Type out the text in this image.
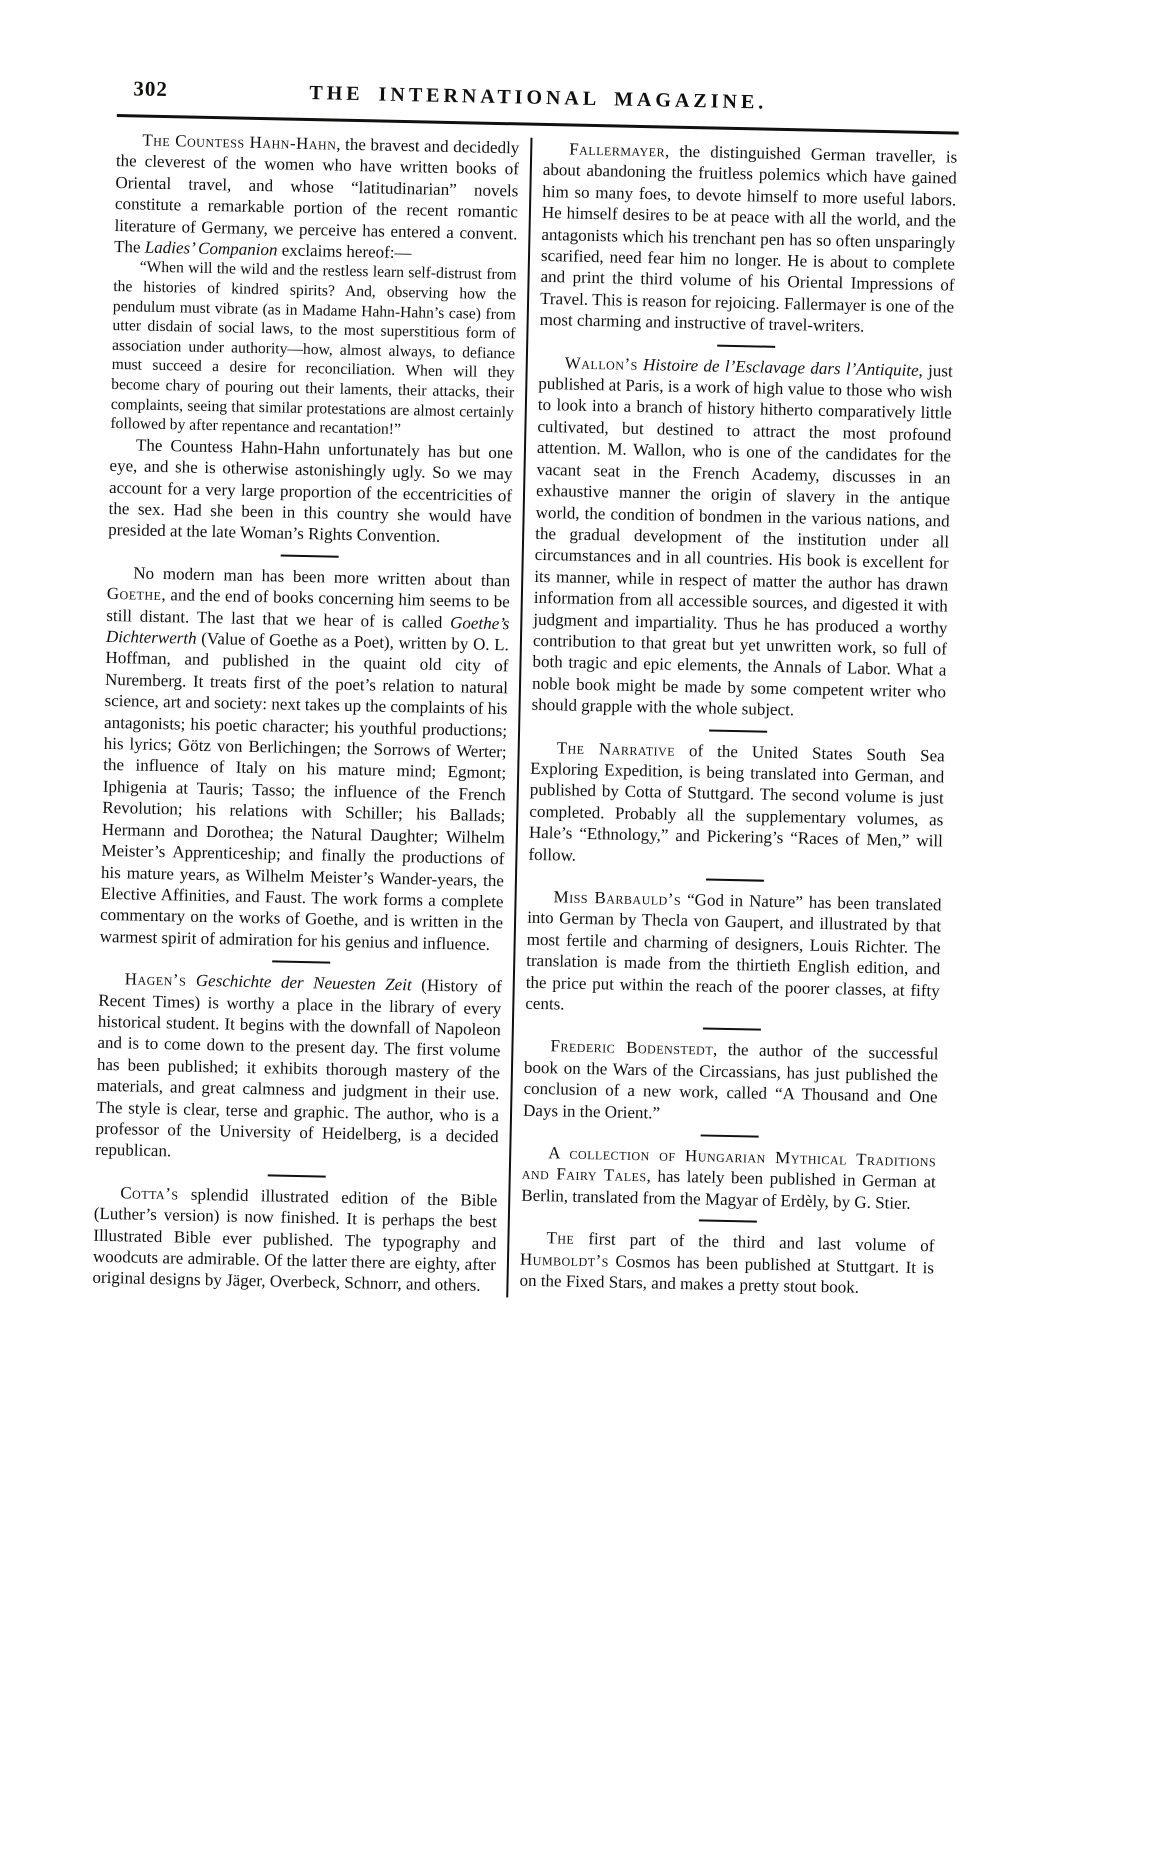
302	THE INTERNATIONAL MAGAZINE.

The Countess Hahn-Hahn, the bravest and decidedly the cleverest of the women who have written books of Oriental travel, and whose “latitudinarian” novels constitute a remarkable portion of the recent romantic literature of Germany, we perceive has entered a convent. The Ladies’ Companion exclaims hereof:—

“When will the wild and the restless learn self-distrust from the histories of kindred spirits? And, observing how the pendulum must vibrate (as in Madame Hahn-Hahn’s case) from utter disdain of social laws, to the most superstitious form of association under authority—how, almost always, to defiance must succeed a desire for reconciliation. When will they become chary of pouring out their laments, their attacks, their complaints, seeing that similar protestations are almost certainly followed by after repentance and recantation!”

The Countess Hahn-Hahn unfortunately has but one eye, and she is otherwise astonishingly ugly. So we may account for a very large proportion of the eccentricities of the sex. Had she been in this country she would have presided at the late Woman’s Rights Convention.

No modern man has been more written about than Goethe, and the end of books concerning him seems to be still distant. The last that we hear of is called Goethe’s Dichterwerth (Value of Goethe as a Poet), written by O. L. Hoffman, and published in the quaint old city of Nuremberg. It treats first of the poet’s relation to natural science, art and society: next takes up the complaints of his antagonists; his poetic character; his youthful productions; his lyrics; Götz von Berlichingen; the Sorrows of Werter; the influence of Italy on his mature mind; Egmont; Iphigenia at Tauris; Tasso; the influence of the French Revolution; his relations with Schiller; his Ballads; Hermann and Dorothea; the Natural Daughter; Wilhelm Meister’s Apprenticeship; and finally the productions of his mature years, as Wilhelm Meister’s Wander-years, the Elective Affinities, and Faust. The work forms a complete commentary on the works of Goethe, and is written in the warmest spirit of admiration for his genius and influence.

Hagen’s Geschichte der Neuesten Zeit (History of Recent Times) is worthy a place in the library of every historical student. It begins with the downfall of Napoleon and is to come down to the present day. The first volume has been published; it exhibits thorough mastery of the materials, and great calmness and judgment in their use. The style is clear, terse and graphic. The author, who is a professor of the University of Heidelberg, is a decided republican.

Cotta’s splendid illustrated edition of the Bible (Luther’s version) is now finished. It is perhaps the best Illustrated Bible ever published. The typography and woodcuts are admirable. Of the latter there are eighty, after original designs by Jäger, Overbeck, Schnorr, and others.

Fallermayer, the distinguished German traveller, is about abandoning the fruitless polemics which have gained him so many foes, to devote himself to more useful labors. He himself desires to be at peace with all the world, and the antagonists which his trenchant pen has so often unsparingly scarified, need fear him no longer. He is about to complete and print the third volume of his Oriental Impressions of Travel. This is reason for rejoicing. Fallermayer is one of the most charming and instructive of travel-writers.

Wallon’s Histoire de l’Esclavage dars l’Antiquite, just published at Paris, is a work of high value to those who wish to look into a branch of history hitherto comparatively little cultivated, but destined to attract the most profound attention. M. Wallon, who is one of the candidates for the vacant seat in the French Academy, discusses in an exhaustive manner the origin of slavery in the antique world, the condition of bondmen in the various nations, and the gradual development of the institution under all circumstances and in all countries. His book is excellent for its manner, while in respect of matter the author has drawn information from all accessible sources, and digested it with judgment and impartiality. Thus he has produced a worthy contribution to that great but yet unwritten work, so full of both tragic and epic elements, the Annals of Labor. What a noble book might be made by some competent writer who should grapple with the whole subject.

The Narrative of the United States South Sea Exploring Expedition, is being translated into German, and published by Cotta of Stuttgard. The second volume is just completed. Probably all the supplementary volumes, as Hale’s “Ethnology,” and Pickering’s “Races of Men,” will follow.

Miss Barbauld’s “God in Nature” has been translated into German by Thecla von Gaupert, and illustrated by that most fertile and charming of designers, Louis Richter. The translation is made from the thirtieth English edition, and the price put within the reach of the poorer classes, at fifty cents.

Frederic Bodenstedt, the author of the successful book on the Wars of the Circassians, has just published the conclusion of a new work, called “A Thousand and One Days in the Orient.”

A collection of Hungarian Mythical Traditions and Fairy Tales, has lately been published in German at Berlin, translated from the Magyar of Erdèly, by G. Stier.

The first part of the third and last volume of Humboldt’s Cosmos has been published at Stuttgart. It is on the Fixed Stars, and makes a pretty stout book.
